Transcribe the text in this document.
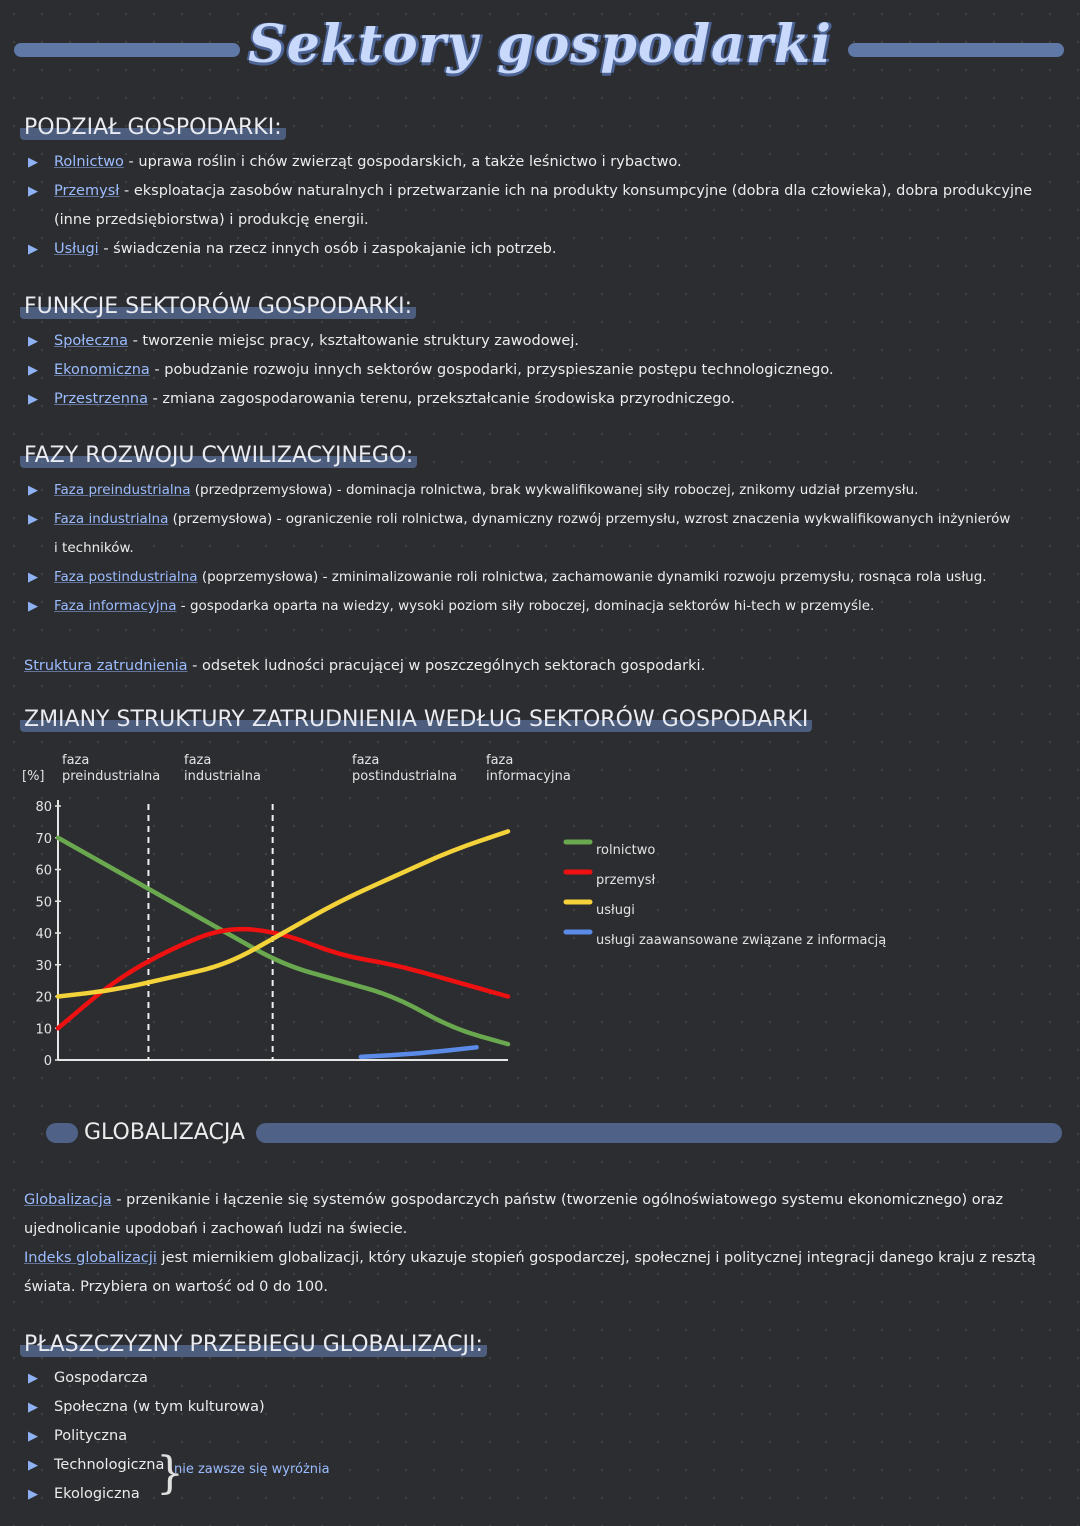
Sektory gospodarki
PODZIAŁ GOSPODARKI:
▶ Rolnictwo - uprawa roślin i chów zwierząt gospodarskich, a także leśnictwo i rybactwo.
▶ Przemysł - eksploatacja zasobów naturalnych i przetwarzanie ich na produkty konsumpcyjne (dobra dla człowieka), dobra produkcyjne
(inne przedsiębiorstwa) i produkcję energii.
▶ Usługi - świadczenia na rzecz innych osób i zaspokajanie ich potrzeb.
FUNKCJE SEKTORÓW GOSPODARKI:
▶ Społeczna - tworzenie miejsc pracy, kształtowanie struktury zawodowej.
▶ Ekonomiczna - pobudzanie rozwoju innych sektorów gospodarki, przyspieszanie postępu technologicznego.
▶ Przestrzenna - zmiana zagospodarowania terenu, przekształcanie środowiska przyrodniczego.
FAZY ROZWOJU CYWILIZACYJNEGO:
▶ Faza preindustrialna (przedprzemysłowa) - dominacja rolnictwa, brak wykwalifikowanej siły roboczej, znikomy udział przemysłu.
▶ Faza industrialna (przemysłowa) - ograniczenie roli rolnictwa, dynamiczny rozwój przemysłu, wzrost znaczenia wykwalifikowanych inżynierów
i techników.
▶ Faza postindustrialna (poprzemysłowa) - zminimalizowanie roli rolnictwa, zachamowanie dynamiki rozwoju przemysłu, rosnąca rola usług.
▶ Faza informacyjna - gospodarka oparta na wiedzy, wysoki poziom siły roboczej, dominacja sektorów hi-tech w przemyśle.
Struktura zatrudnienia - odsetek ludności pracującej w poszczególnych sektorach gospodarki.
ZMIANY STRUKTURY ZATRUDNIENIA WEDŁUG SEKTORÓW GOSPODARKI
[%]
0
10
20
30
40
50
60
70
80
faza
preindustrialna
faza
industrialna
faza
postindustrialna
faza
informacyjna
rolnictwo
przemysł
usługi
usługi zaawansowane związane z informacją
GLOBALIZACJA
Globalizacja - przenikanie i łączenie się systemów gospodarczych państw (tworzenie ogólnoświatowego systemu ekonomicznego) oraz
ujednolicanie upodobań i zachowań ludzi na świecie.
Indeks globalizacji jest miernikiem globalizacji, który ukazuje stopień gospodarczej, społecznej i politycznej integracji danego kraju z resztą
świata. Przybiera on wartość od 0 do 100.
PŁASZCZYZNY PRZEBIEGU GLOBALIZACJI:
▶ Gospodarcza
▶ Społeczna (w tym kulturowa)
▶ Polityczna
▶ Technologiczna
▶ Ekologiczna }
nie zawsze się wyróżnia
